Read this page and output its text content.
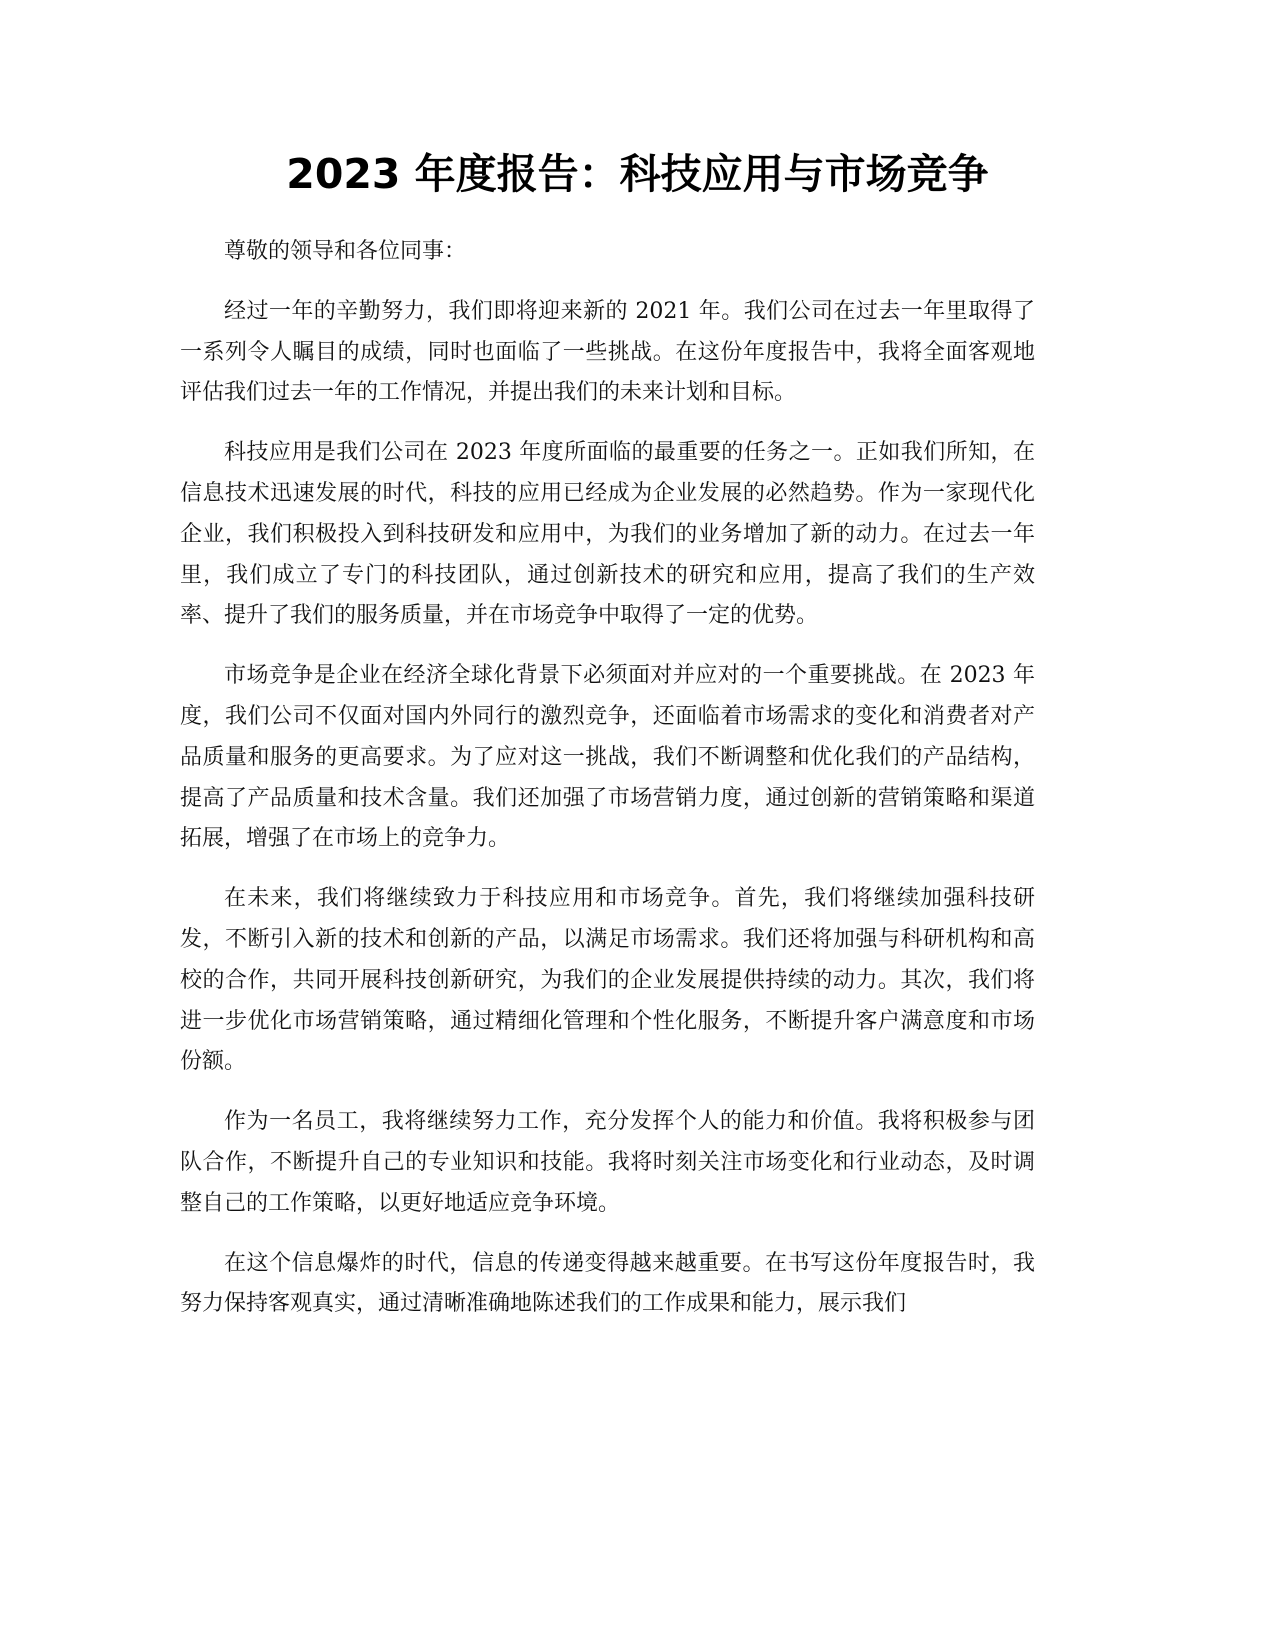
2023 年度报告：科技应用与市场竞争

尊敬的领导和各位同事：

经过一年的辛勤努力，我们即将迎来新的 2021 年。我们公司在过去一年里取得了一系列令人瞩目的成绩，同时也面临了一些挑战。在这份年度报告中，我将全面客观地评估我们过去一年的工作情况，并提出我们的未来计划和目标。

科技应用是我们公司在 2023 年度所面临的最重要的任务之一。正如我们所知，在信息技术迅速发展的时代，科技的应用已经成为企业发展的必然趋势。作为一家现代化企业，我们积极投入到科技研发和应用中，为我们的业务增加了新的动力。在过去一年里，我们成立了专门的科技团队，通过创新技术的研究和应用，提高了我们的生产效率、提升了我们的服务质量，并在市场竞争中取得了一定的优势。

市场竞争是企业在经济全球化背景下必须面对并应对的一个重要挑战。在 2023 年度，我们公司不仅面对国内外同行的激烈竞争，还面临着市场需求的变化和消费者对产品质量和服务的更高要求。为了应对这一挑战，我们不断调整和优化我们的产品结构，提高了产品质量和技术含量。我们还加强了市场营销力度，通过创新的营销策略和渠道拓展，增强了在市场上的竞争力。

在未来，我们将继续致力于科技应用和市场竞争。首先，我们将继续加强科技研发，不断引入新的技术和创新的产品，以满足市场需求。我们还将加强与科研机构和高校的合作，共同开展科技创新研究，为我们的企业发展提供持续的动力。其次，我们将进一步优化市场营销策略，通过精细化管理和个性化服务，不断提升客户满意度和市场份额。

作为一名员工，我将继续努力工作，充分发挥个人的能力和价值。我将积极参与团队合作，不断提升自己的专业知识和技能。我将时刻关注市场变化和行业动态，及时调整自己的工作策略，以更好地适应竞争环境。

在这个信息爆炸的时代，信息的传递变得越来越重要。在书写这份年度报告时，我努力保持客观真实，通过清晰准确地陈述我们的工作成果和能力，展示我们
